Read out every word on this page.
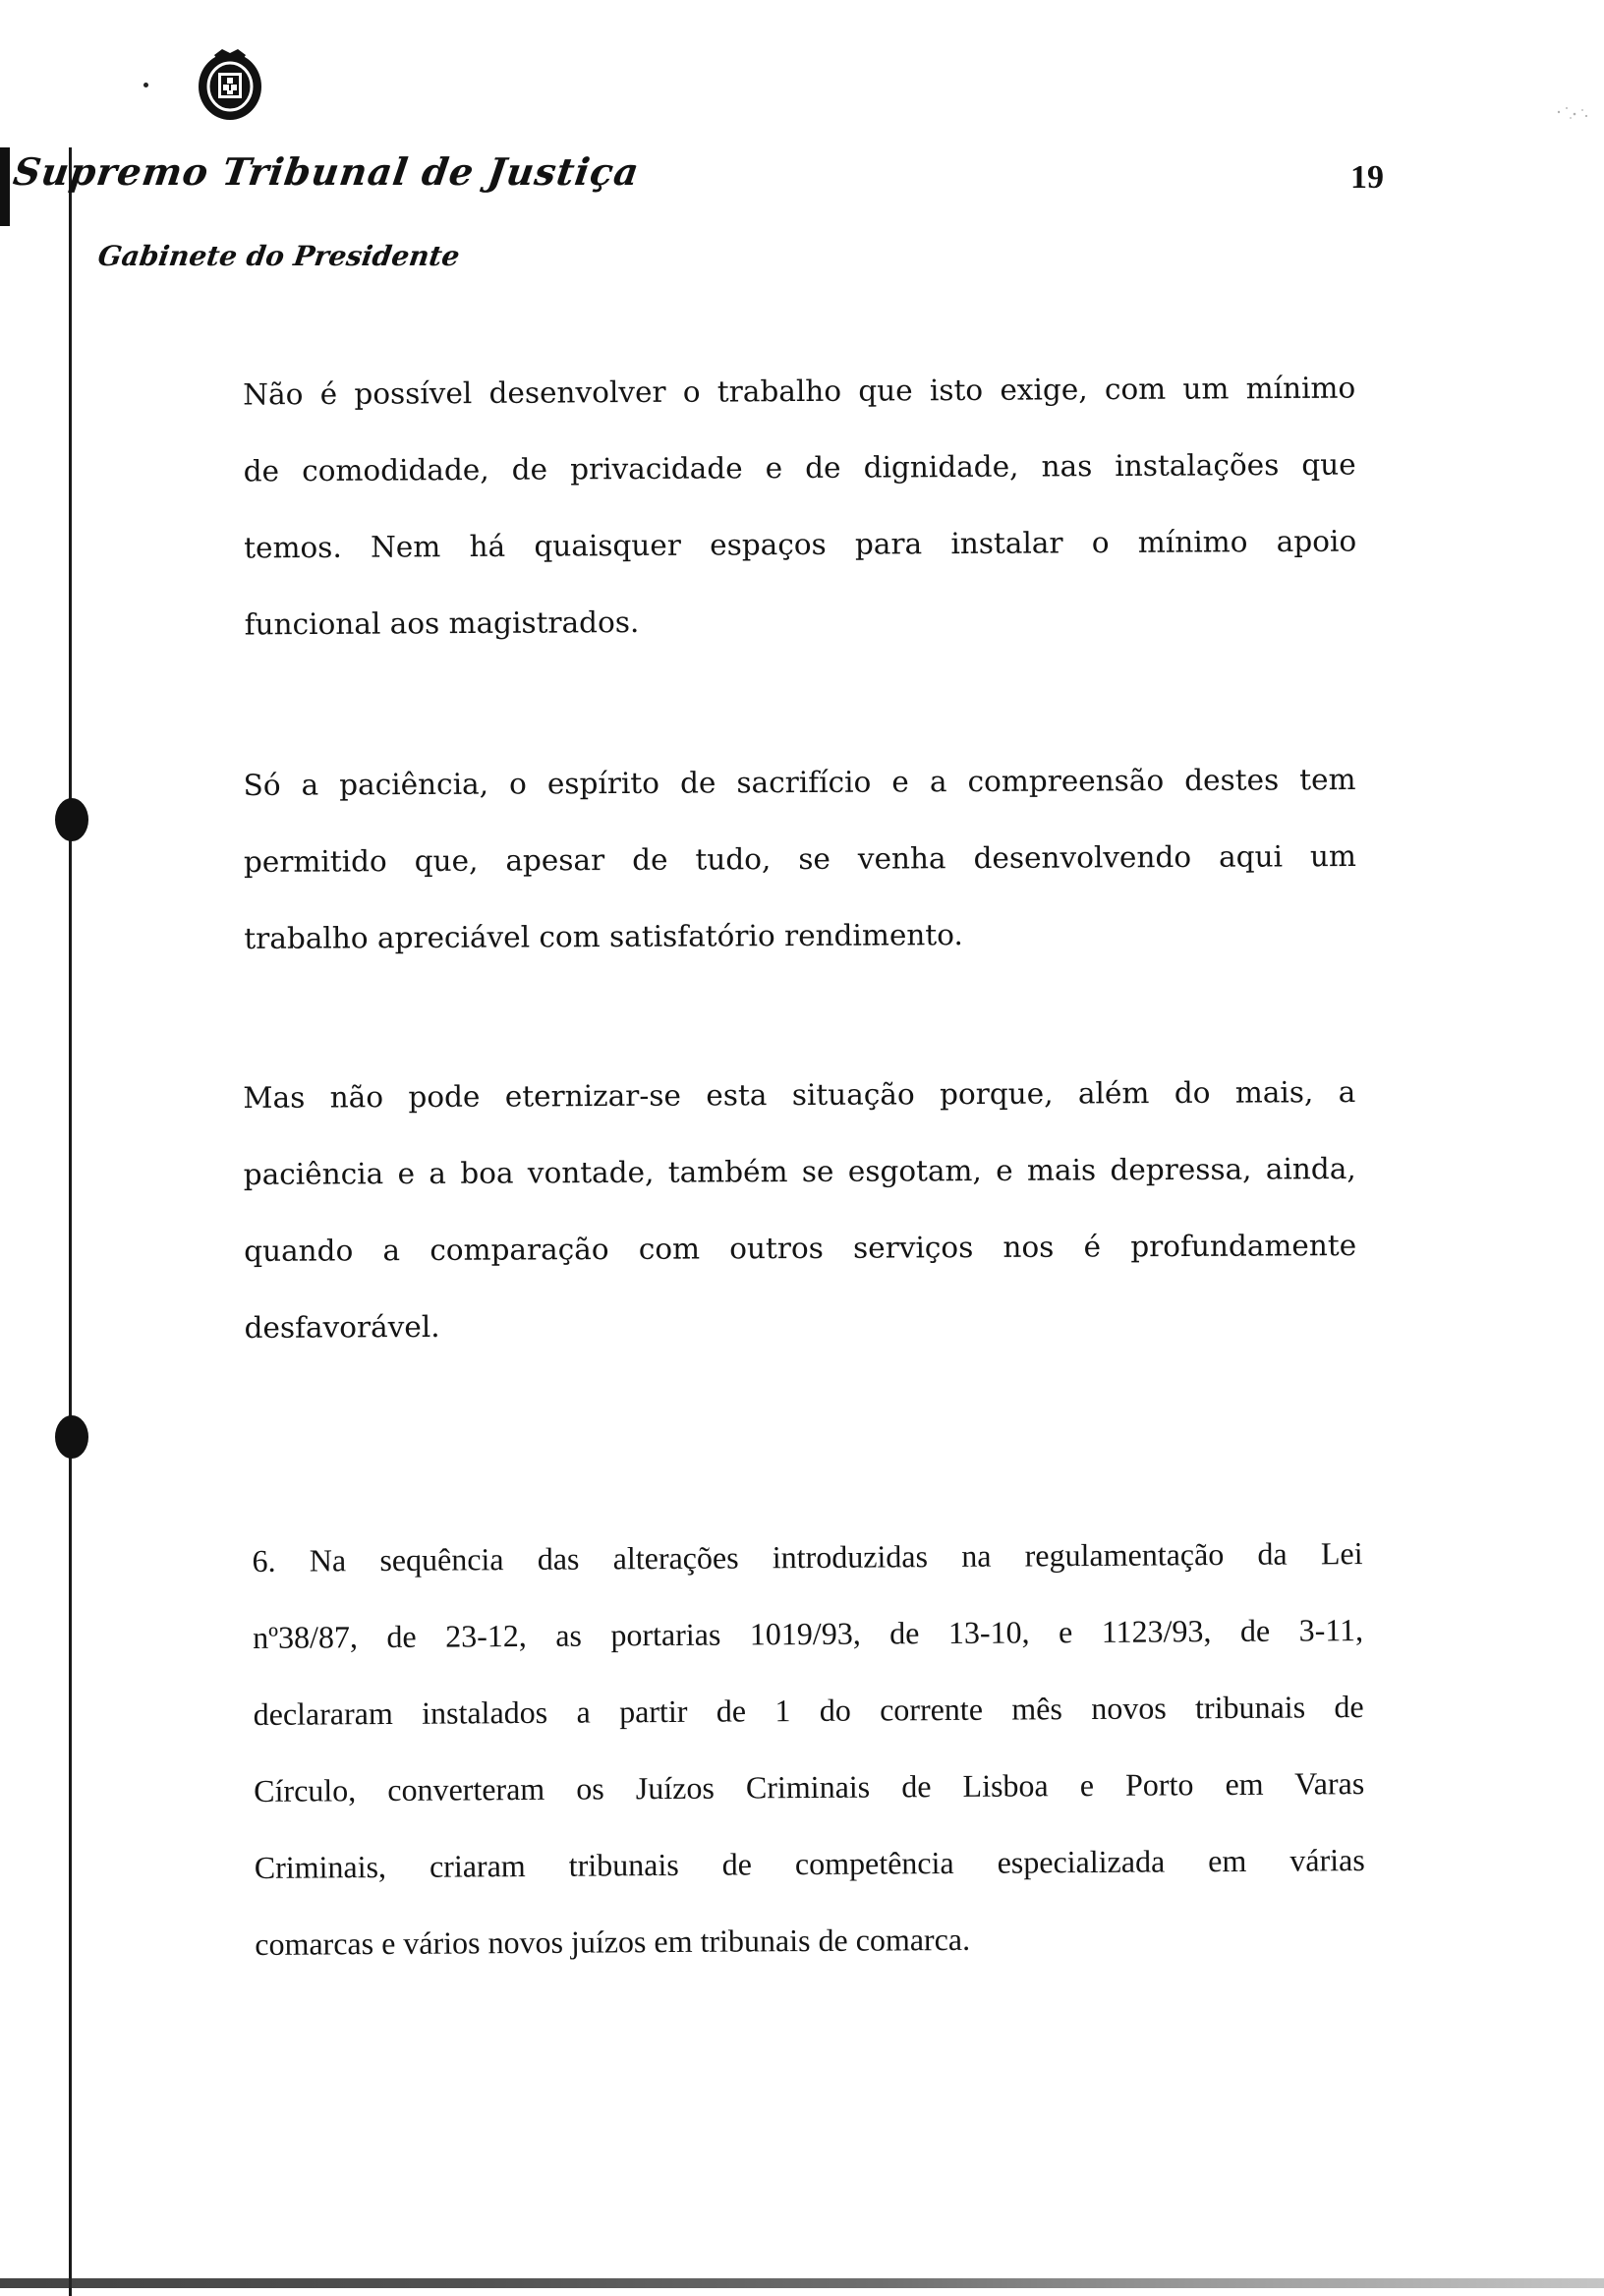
Supremo Tribunal de Justiça
Gabinete do Presidente
19
Não é possível desenvolver o trabalho que isto exige, com um mínimo
de comodidade, de privacidade e de dignidade, nas instalações que
temos. Nem há quaisquer espaços para instalar o mínimo apoio
funcional aos magistrados.
Só a paciência, o espírito de sacrifício e a compreensão destes tem
permitido que, apesar de tudo, se venha desenvolvendo aqui um
trabalho apreciável com satisfatório rendimento.
Mas não pode eternizar-se esta situação porque, além do mais, a
paciência e a boa vontade, também se esgotam, e mais depressa, ainda,
quando a comparação com outros serviços nos é profundamente
desfavorável.
6. Na sequência das alterações introduzidas na regulamentação da Lei
nº38/87, de 23-12, as portarias 1019/93, de 13-10, e 1123/93, de 3-11,
declararam instalados a partir de 1 do corrente mês novos tribunais de
Círculo, converteram os Juízos Criminais de Lisboa e Porto em Varas
Criminais, criaram tribunais de competência especializada em várias
comarcas e vários novos juízos em tribunais de comarca.
